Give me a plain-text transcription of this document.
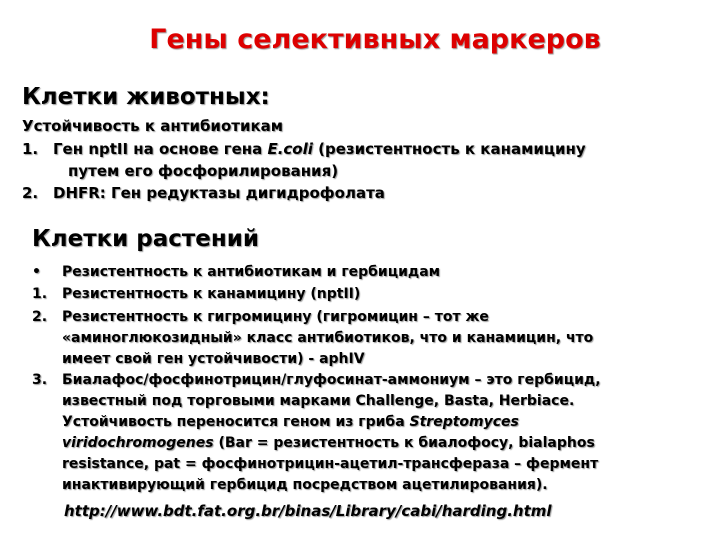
Гены селективных маркеров
Клетки животных:
Устойчивость к антибиотикам
1. Ген nptII на основе гена E.coli (резистентность к канамицину
путем его фосфорилирования)
2. DHFR: Ген редуктазы дигидрофолата
Клетки растений
• Резистентность к антибиотикам и гербицидам
1. Резистентность к канамицину (nptII)
2. Резистентность к гигромицину (гигромицин – тот же
«аминоглюкозидный» класс антибиотиков, что и канамицин, что
имеет свой ген устойчивости) - aphIV
3. Биалафос/фосфинотрицин/глуфосинат-аммониум – это гербицид,
известный под торговыми марками Challenge, Basta, Herbiace.
Устойчивость переносится геном из гриба Streptomyces
viridochromogenes (Bar = резистентность к биалофосу, bialaphos
resistance, pat = фосфинотрицин-ацетил-трансфераза – фермент
инактивирующий гербицид посредством ацетилирования).
http://www.bdt.fat.org.br/binas/Library/cabi/harding.html
